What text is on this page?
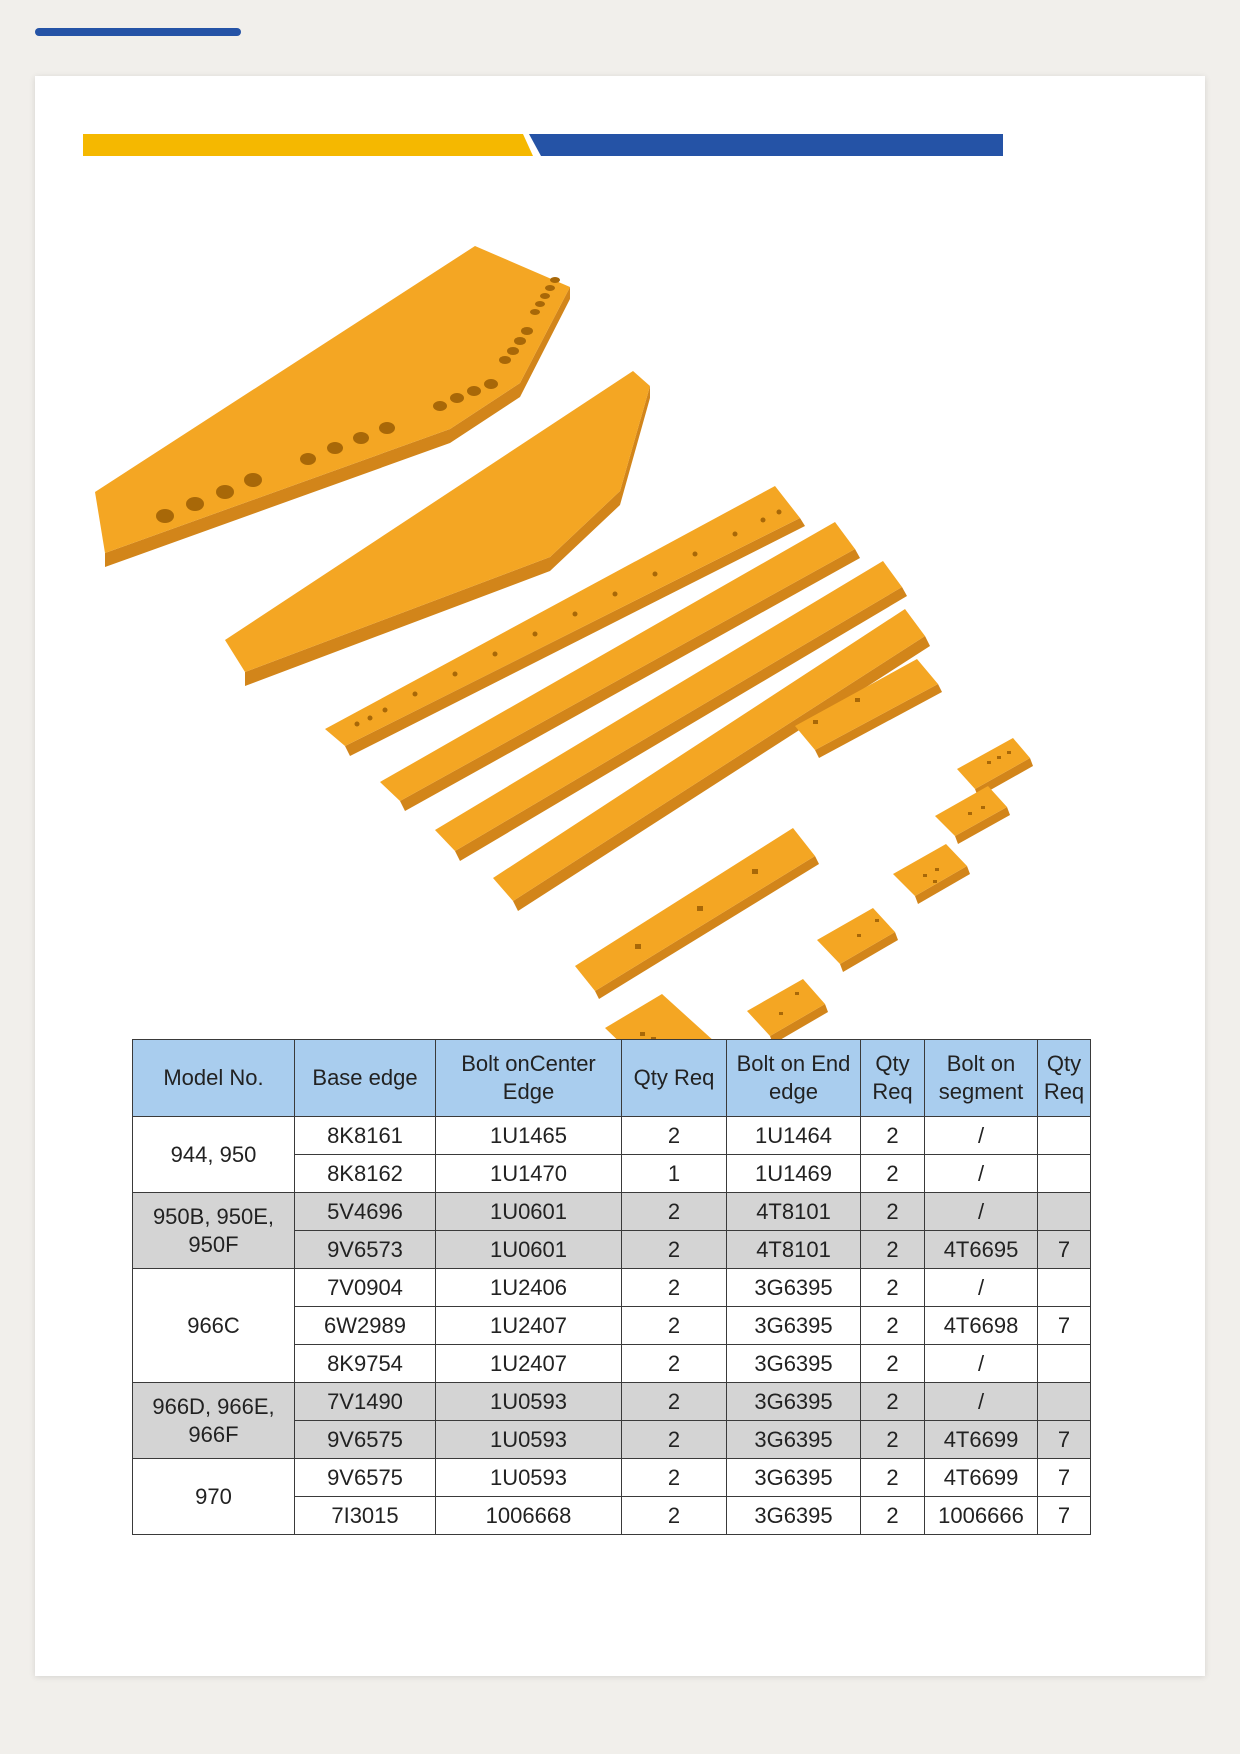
Model No.	Base edge	Bolt onCenter Edge	Qty Req	Bolt on End edge	Qty Req	Bolt on segment	Qty Req
944, 950	8K8161	1U1465	2	1U1464	2	/	
	8K8162	1U1470	1	1U1469	2	/	
950B, 950E, 950F	5V4696	1U0601	2	4T8101	2	/	
	9V6573	1U0601	2	4T8101	2	4T6695	7
966C	7V0904	1U2406	2	3G6395	2	/	
	6W2989	1U2407	2	3G6395	2	4T6698	7
	8K9754	1U2407	2	3G6395	2	/	
966D, 966E, 966F	7V1490	1U0593	2	3G6395	2	/	
	9V6575	1U0593	2	3G6395	2	4T6699	7
970	9V6575	1U0593	2	3G6395	2	4T6699	7
	7I3015	1006668	2	3G6395	2	1006666	7
